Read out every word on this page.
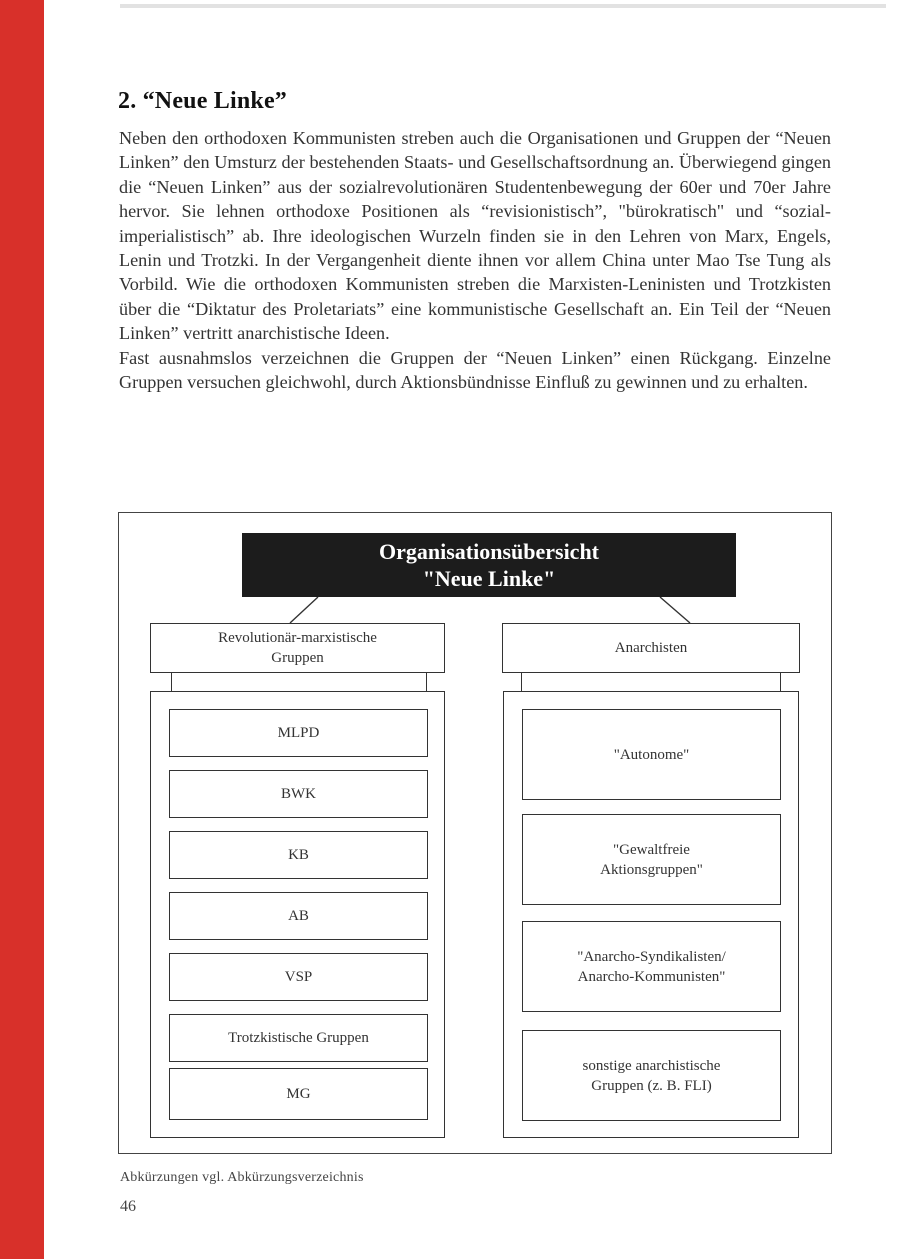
2. “Neue Linke”

Neben den orthodoxen Kommunisten streben auch die Organisationen und Gruppen der “Neuen Linken” den Umsturz der bestehenden Staats- und Gesellschaftsordnung an. Überwiegend gingen die “Neuen Linken” aus der sozialrevolutionären Studentenbewegung der 60er und 70er Jahre hervor. Sie lehnen orthodoxe Positionen als “revisionistisch”, "bürokratisch" und “sozial-imperialistisch” ab. Ihre ideologischen Wurzeln finden sie in den Lehren von Marx, Engels, Lenin und Trotzki. In der Vergangenheit diente ihnen vor allem China unter Mao Tse Tung als Vorbild. Wie die orthodoxen Kommunisten streben die Marxisten-Leninisten und Trotzkisten über die “Diktatur des Proletariats” eine kommunistische Gesellschaft an. Ein Teil der “Neuen Linken” vertritt anarchistische Ideen.

Fast ausnahmslos verzeichnen die Gruppen der “Neuen Linken” einen Rückgang. Einzelne Gruppen versuchen gleichwohl, durch Aktionsbündnisse Einfluß zu gewinnen und zu erhalten.

Organisationsübersicht
"Neue Linke"
Revolutionär-marxistische
Gruppen
MLPD
BWK
KB
AB
VSP
Trotzkistische Gruppen
MG
Anarchisten
"Autonome"
"Gewaltfreie
Aktionsgruppen"
"Anarcho-Syndikalisten/
Anarcho-Kommunisten"
sonstige anarchistische
Gruppen (z. B. FLI)
Abkürzungen vgl. Abkürzungsverzeichnis
46
